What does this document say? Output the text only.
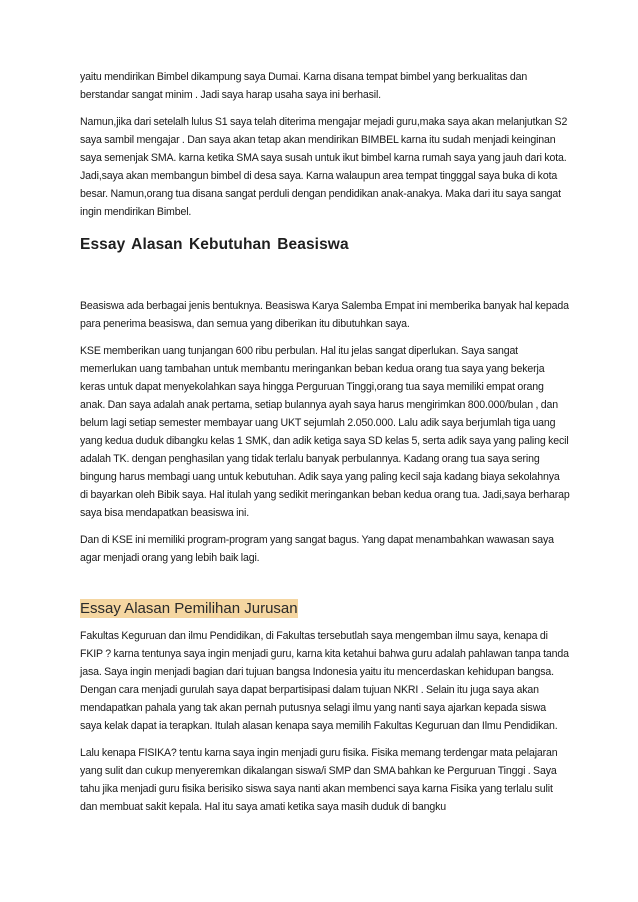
yaitu mendirikan Bimbel dikampung saya Dumai. Karna disana tempat bimbel yang berkualitas dan berstandar sangat minim . Jadi saya harap usaha saya ini berhasil.

Namun,jika dari setelalh lulus S1 saya telah diterima mengajar mejadi guru,maka saya akan melanjutkan S2 saya sambil mengajar . Dan saya akan tetap akan mendirikan BIMBEL karna itu sudah menjadi keinginan saya semenjak SMA. karna ketika SMA saya susah untuk ikut bimbel karna rumah saya yang jauh dari kota. Jadi,saya akan membangun bimbel di desa saya. Karna walaupun area tempat tingggal saya buka di kota besar. Namun,orang tua disana sangat perduli dengan pendidikan anak-anakya. Maka dari itu saya sangat ingin mendirikan Bimbel.

Essay Alasan Kebutuhan Beasiswa

Beasiswa ada berbagai jenis bentuknya. Beasiswa Karya Salemba Empat ini memberika banyak hal kepada para penerima beasiswa, dan semua yang diberikan itu dibutuhkan saya.

KSE memberikan uang tunjangan 600 ribu perbulan. Hal itu jelas sangat diperlukan. Saya sangat memerlukan uang tambahan untuk membantu meringankan beban kedua orang tua saya yang bekerja keras untuk dapat menyekolahkan saya hingga Perguruan Tinggi,orang tua saya memiliki empat orang anak. Dan saya adalah anak pertama, setiap bulannya ayah saya harus mengirimkan 800.000/bulan , dan belum lagi setiap semester membayar uang UKT sejumlah 2.050.000. Lalu adik saya berjumlah tiga uang yang kedua duduk dibangku kelas 1 SMK, dan adik ketiga saya SD kelas 5, serta adik saya yang paling kecil adalah TK. dengan penghasilan yang tidak terlalu banyak perbulannya. Kadang orang tua saya sering bingung harus membagi uang untuk kebutuhan. Adik saya yang paling kecil saja kadang biaya sekolahnya di bayarkan oleh Bibik saya. Hal itulah yang sedikit meringankan beban kedua orang tua. Jadi,saya berharap saya bisa mendapatkan beasiswa ini.

Dan di KSE ini memiliki program-program yang sangat bagus. Yang dapat menambahkan wawasan saya agar menjadi orang yang lebih baik lagi.

Essay Alasan Pemilihan Jurusan

Fakultas Keguruan dan ilmu Pendidikan, di Fakultas tersebutlah saya mengemban ilmu saya, kenapa di FKIP ? karna tentunya saya ingin menjadi guru, karna kita ketahui bahwa guru adalah pahlawan tanpa tanda jasa. Saya ingin menjadi bagian dari tujuan bangsa Indonesia yaitu itu mencerdaskan kehidupan bangsa. Dengan cara menjadi gurulah saya dapat berpartisipasi dalam tujuan NKRI . Selain itu juga saya akan mendapatkan pahala yang tak akan pernah putusnya selagi ilmu yang nanti saya ajarkan kepada siswa saya kelak dapat ia terapkan. Itulah alasan kenapa saya memilih Fakultas Keguruan dan Ilmu Pendidikan.

Lalu kenapa FISIKA? tentu karna saya ingin menjadi guru fisika. Fisika memang terdengar mata pelajaran yang sulit dan cukup menyeremkan dikalangan siswa/i SMP dan SMA bahkan ke Perguruan Tinggi . Saya tahu jika menjadi guru fisika berisiko siswa saya nanti akan membenci saya karna Fisika yang terlalu sulit dan membuat sakit kepala. Hal itu saya amati ketika saya masih duduk di bangku
